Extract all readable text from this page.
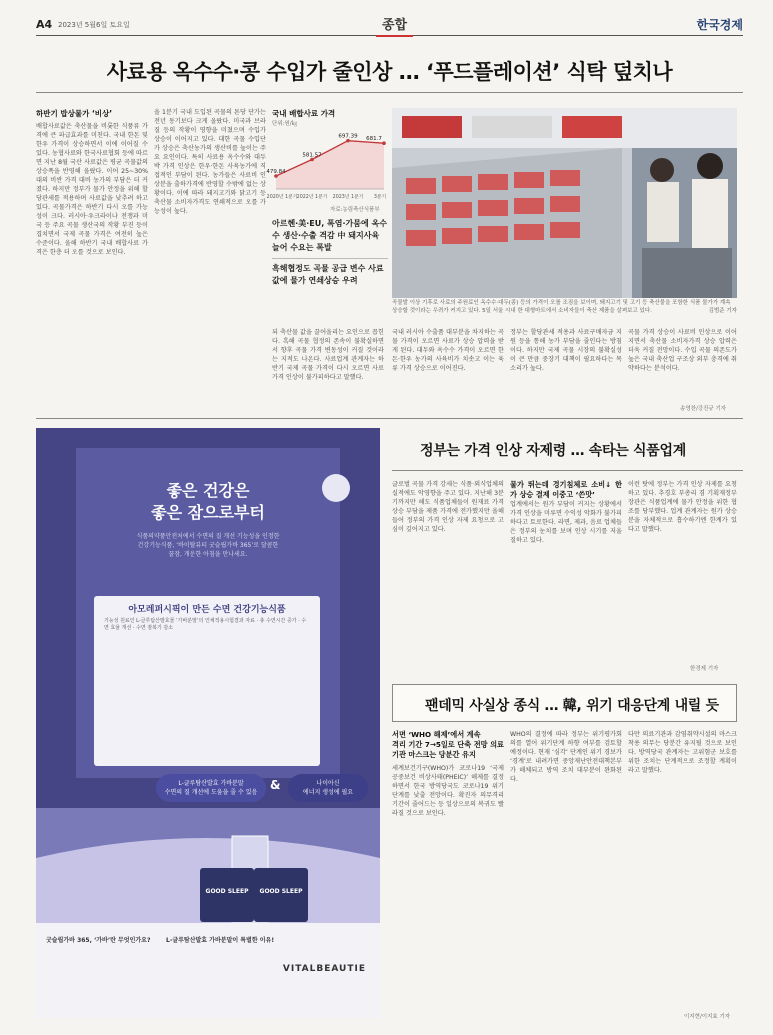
A4 2023년 5월6일 토요일	종합	한국경제
사료용 옥수수·콩 수입가 줄인상 … ‘푸드플레이션’ 식탁 덮치나
하반기 밥상물가 ‘비상’
배합사료값은 축산물을 비롯한 식품류 가격에 큰 파급효과를 미친다. 국내 한돈 및 한우 가격이 상승하면서 이에 이어질 수 있다. 농협사료와 한국사료협회 등에 따르면 지난 8월 국산 사료값은 평균 곡물값의 상승폭을 반영해 올랐다. 이어 25~30%대의 비싼 가격 대비 농가의 부담은 더 커졌다. 하지만 정부가 물가 안정을 위해 할당관세를 적용하며 사료값을 낮추려 하고 있다. 곡물가격은 하반기 다시 오를 가능성이 크다. 러시아·우크라이나 전쟁과 미국 등 주요 곡물 생산국의 작황 부진 등이 겹치면서 국제 곡물 가격은 여전히 높은 수준이다. 올해 하반기 국내 배합사료 가격은 한층 더 오를 것으로 보인다.
올 1분기 국내 도입된 곡물의 톤당 단가는 전년 동기보다 크게 올랐다. 미국과 브라질 등의 작황이 영향을 미쳤으며 수입가 상승이 이어지고 있다. 대한 곡물 수입단가 상승은 축산농가의 생산비를 높이는 주요 요인이다. 특히 사료용 옥수수와 대두박 가격 인상은 한우·한돈 사육농가에 직접적인 부담이 된다. 농가들은 사료비 인상분을 출하가격에 반영할 수밖에 없는 상황이다. 이에 따라 돼지고기와 닭고기 등 축산물 소비자가격도 연쇄적으로 오를 가능성이 높다.
국내 배합사료 가격
단위:원/㎏
479.84
2020년 1분기
581.57
2022년 1분기
697.39
2023년 1분기
681.7
3분기
자료:농림축산식품부
아르헨·美·EU, 폭염·가뭄에 옥수수 생산·수출 격감 中 돼지사육 늘어 수요는 폭발
흑해협정도 곡물 공급 변수 사료값에 물가 연쇄상승 우려
곡물발 이상 기후로 사료의 주원료인 옥수수·대두(콩) 등의 가격이 오를 조짐을 보이며, 돼지고기 및 고기 등 축산물을 포함한 식품 물가가 계속 상승할 것이라는 우려가 커지고 있다. 5일 서울 시내 한 대형마트에서 소비자들이 축산 제품을 살펴보고 있다.	김범준 기자
되 축산물 값을 끌어올리는 요인으로 꼽힌다. 흑해 곡물 협정의 존속이 불확실하면서 향후 곡물 가격 변동성이 커질 것이라는 지적도 나온다. 사료업계 관계자는 하반기 국제 곡물 가격이 다시 오르면 사료 가격 인상이 불가피하다고 말했다.
국내 러시아 수출품 대부분을 차지하는 곡물 가격이 오르면 사료가 상승 압력을 받게 된다. 대두와 옥수수 가격이 오르면 한돈·한우 농가의 사육비가 치솟고 이는 육류 가격 상승으로 이어진다.
정부는 할당관세 적용과 사료구매자금 지원 등을 통해 농가 부담을 줄인다는 방침이다. 하지만 국제 곡물 시장의 불확실성이 큰 만큼 중장기 대책이 필요하다는 목소리가 높다.
곡물 가격 상승이 사료비 인상으로 이어지면서 축산물 소비자가격 상승 압력은 더욱 커질 전망이다. 수입 곡물 의존도가 높은 국내 축산업 구조상 외부 충격에 취약하다는 분석이다.
송영찬/강진규 기자
좋은 건강은
좋은 잠으로부터
식품의약품안전처에서 수면의 질 개선 기능성을 인정한 건강기능식품, ‘바이탈뷰티 굿슬립가바 365’로 달콤한 꿀잠, 개운한 아침을 만나세요.
아모레퍼시픽이 만든 수면 건강기능식품
기능성 원료인 L-글루탐산발효물 ‘가바분말’의 인체적용시험결과 자료 · 총 수면시간 증가 · 수면 효율 개선 · 수면 잠복기 감소
L-글루탐산발효 가바분말
수면의 질 개선에 도움을 줄 수 있음
&	나이아신
에너지 생성에 필요
GOOD SLEEP	GOOD SLEEP
굿슬립가바 365, ‘가바’란 무엇인가요?	L-글루탐산발효 가바분말이 특별한 이유!
VITALBEAUTIE
정부는 가격 인상 자제령 … 속타는 식품업계
글로벌 곡물 가격 강세는 식품·외식업체의 실적에도 악영향을 주고 있다. 지난해 3분기까지만 해도 식품업체들이 원재료 가격 상승 부담을 제품 가격에 전가했지만 올해 들어 정부의 가격 인상 자제 요청으로 고심이 깊어지고 있다.
물가 뛰는데 경기침체로 소비↓ 한가 상승 결제 이중고 ‘쓴맛’
업계에서는 원가 부담이 커지는 상황에서 가격 인상을 미루면 수익성 악화가 불가피하다고 토로한다. 라면, 제과, 음료 업체들은 정부의 눈치를 보며 인상 시기를 저울질하고 있다.
이런 탓에 정부는 가격 인상 자제를 요청하고 있다. 추경호 부총리 겸 기획재정부 장관은 식품업계에 물가 안정을 위한 협조를 당부했다. 업계 관계자는 원가 상승분을 자체적으로 흡수하기엔 한계가 있다고 말했다.
한경제 기자
팬데믹 사실상 종식 … 韓, 위기 대응단계 내릴 듯
서면 ‘WHO 해제’에서 계속
격리 기간 7→5일로 단축 전망 의료기관 마스크는 당분간 유지
세계보건기구(WHO)가 코로나19 ‘국제 공중보건 비상사태(PHEIC)’ 해제를 결정하면서 한국 방역당국도 코로나19 위기 단계를 낮출 전망이다. 확진자 의무격리 기간이 줄어드는 등 일상으로의 복귀도 빨라질 것으로 보인다.
WHO의 결정에 따라 정부는 위기평가회의를 열어 위기단계 하향 여부를 검토할 예정이다. 현재 ‘심각’ 단계인 위기 경보가 ‘경계’로 내려가면 중앙재난안전대책본부가 해체되고 방역 조치 대부분이 완화된다.
다만 의료기관과 감염취약시설의 마스크 착용 의무는 당분간 유지될 것으로 보인다. 방역당국 관계자는 고위험군 보호를 위한 조치는 단계적으로 조정할 계획이라고 말했다.
이지현/이지효 기자
